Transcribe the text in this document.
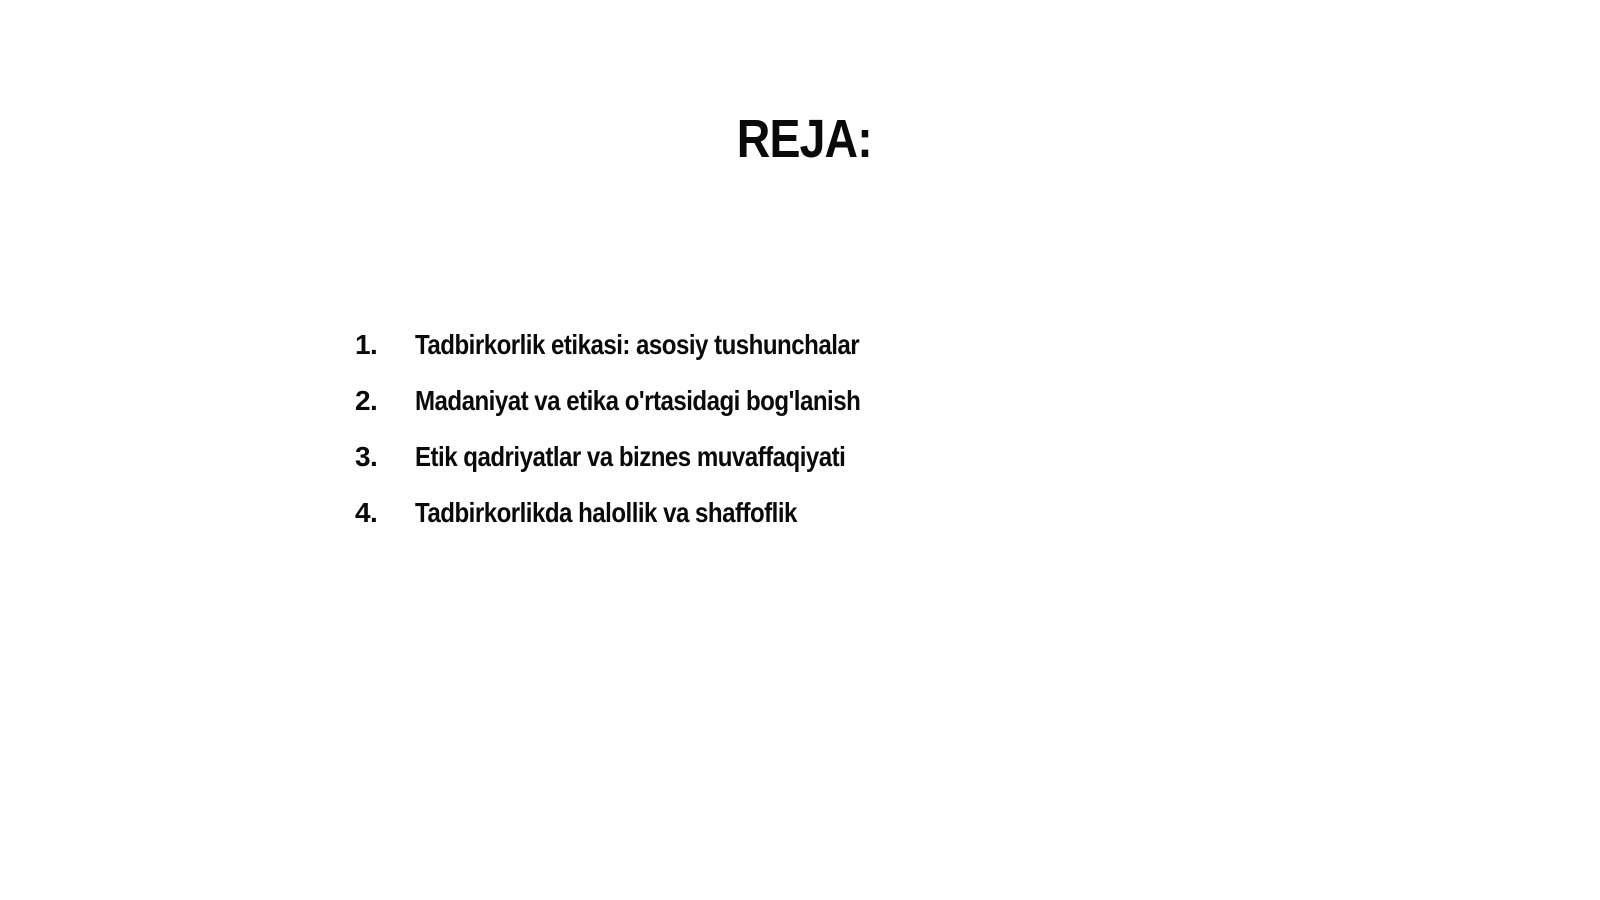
REJA:
1.	Tadbirkorlik etikasi: asosiy tushunchalar
2.	Madaniyat va etika o'rtasidagi bog'lanish
3.	Etik qadriyatlar va biznes muvaffaqiyati
4.	Tadbirkorlikda halollik va shaffoflik
